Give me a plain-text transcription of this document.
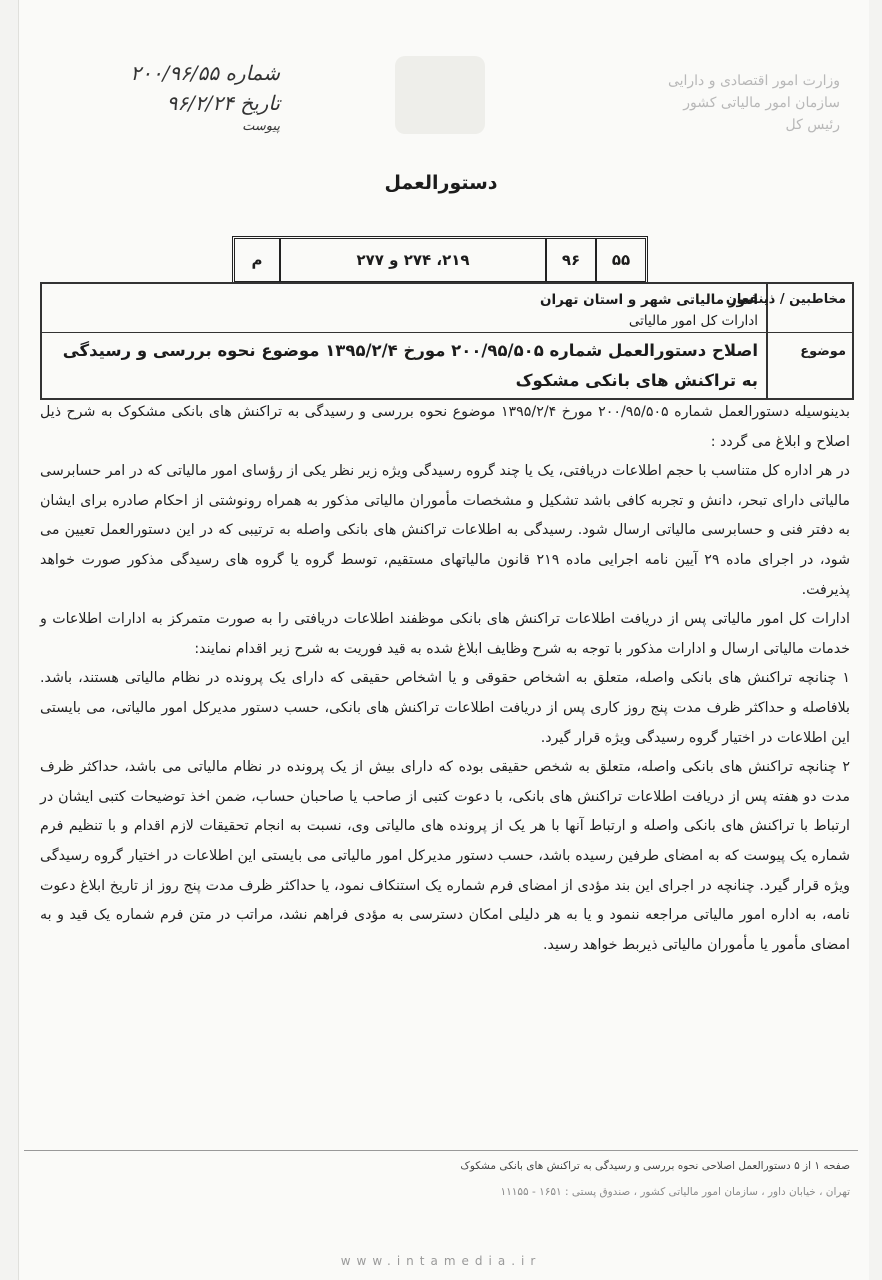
شماره ۲۰۰/۹۶/۵۵
تاریخ ۹۶/۲/۲۴
پیوست
وزارت امور اقتصادی و دارایی
سازمان امور مالیاتی کشور
رئیس کل
دستورالعمل
۵۵
۹۶
۲۱۹، ۲۷۴ و ۲۷۷
م
مخاطبین / ذینفعان
امور مالیاتی شهر و استان تهران
ادارات کل امور مالیاتی
موضوع
اصلاح دستورالعمل شماره ۲۰۰/۹۵/۵۰۵ مورخ ۱۳۹۵/۲/۴ موضوع نحوه بررسی و رسیدگی به تراکنش های بانکی مشکوک

بدینوسیله دستورالعمل شماره ۲۰۰/۹۵/۵۰۵ مورخ ۱۳۹۵/۲/۴ موضوع نحوه بررسی و رسیدگی به تراکنش های بانکی مشکوک به شرح ذیل اصلاح و ابلاغ می گردد :

در هر اداره کل متناسب با حجم اطلاعات دریافتی، یک یا چند گروه رسیدگی ویژه زیر نظر یکی از رؤسای امور مالیاتی که در امر حسابرسی مالیاتی دارای تبحر، دانش و تجربه کافی باشد تشکیل و مشخصات مأموران مالیاتی مذکور به همراه رونوشتی از احکام صادره برای ایشان به دفتر فنی و حسابرسی مالیاتی ارسال شود. رسیدگی به اطلاعات تراکنش های بانکی واصله به ترتیبی که در این دستورالعمل تعیین می شود، در اجرای ماده ۲۹ آیین نامه اجرایی ماده ۲۱۹ قانون مالیاتهای مستقیم، توسط گروه یا گروه های رسیدگی مذکور صورت خواهد پذیرفت.

ادارات کل امور مالیاتی پس از دریافت اطلاعات تراکنش های بانکی موظفند اطلاعات دریافتی را به صورت متمرکز به ادارات اطلاعات و خدمات مالیاتی ارسال و ادارات مذکور با توجه به شرح وظایف ابلاغ شده به قید فوریت به شرح زیر اقدام نمایند:

۱ چنانچه تراکنش های بانکی واصله، متعلق به اشخاص حقوقی و یا اشخاص حقیقی که دارای یک پرونده در نظام مالیاتی هستند، باشد. بلافاصله و حداکثر ظرف مدت پنج روز کاری پس از دریافت اطلاعات تراکنش های بانکی، حسب دستور مدیرکل امور مالیاتی، می بایستی این اطلاعات در اختیار گروه رسیدگی ویژه قرار گیرد.

۲ چنانچه تراکنش های بانکی واصله، متعلق به شخص حقیقی بوده که دارای بیش از یک پرونده در نظام مالیاتی می باشد، حداکثر ظرف مدت دو هفته پس از دریافت اطلاعات تراکنش های بانکی، با دعوت کتبی از صاحب یا صاحبان حساب، ضمن اخذ توضیحات کتبی ایشان در ارتباط با تراکنش های بانکی واصله و ارتباط آنها با هر یک از پرونده های مالیاتی وی، نسبت به انجام تحقیقات لازم اقدام و با تنظیم فرم شماره یک پیوست که به امضای طرفین رسیده باشد، حسب دستور مدیرکل امور مالیاتی می بایستی این اطلاعات در اختیار گروه رسیدگی ویژه قرار گیرد. چنانچه در اجرای این بند مؤدی از امضای فرم شماره یک استنکاف نمود، یا حداکثر ظرف مدت پنج روز از تاریخ ابلاغ دعوت نامه، به اداره امور مالیاتی مراجعه ننمود و یا به هر دلیلی امکان دسترسی به مؤدی فراهم نشد، مراتب در متن فرم شماره یک قید و به امضای مأمور یا مأموران مالیاتی ذیربط خواهد رسید.

صفحه ۱ از ۵ دستورالعمل اصلاحی نحوه بررسی و رسیدگی به تراکنش های بانکی مشکوک
تهران ، خیابان داور ، سازمان امور مالیاتی کشور ، صندوق پستی : ۱۶۵۱ - ۱۱۱۵۵
www.intamedia.ir
